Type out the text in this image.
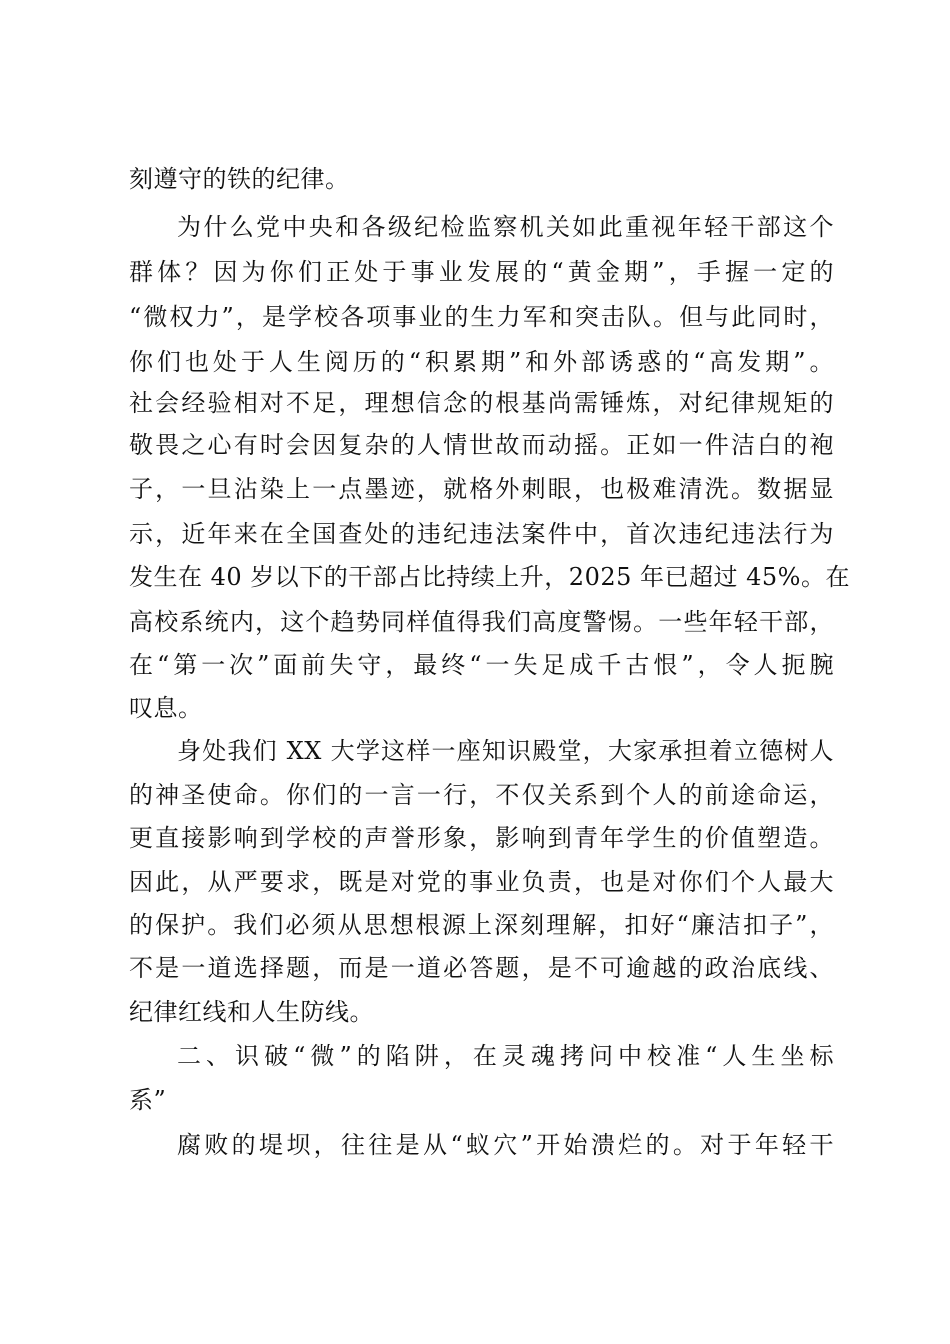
刻遵守的铁的纪律。
为什么党中央和各级纪检监察机关如此重视年轻干部这个
群体？因为你们正处于事业发展的“黄金期”，手握一定的
“微权力”，是学校各项事业的生力军和突击队。但与此同时，
你们也处于人生阅历的“积累期”和外部诱惑的“高发期”。
社会经验相对不足，理想信念的根基尚需锤炼，对纪律规矩的
敬畏之心有时会因复杂的人情世故而动摇。正如一件洁白的袍
子，一旦沾染上一点墨迹，就格外刺眼，也极难清洗。数据显
示，近年来在全国查处的违纪违法案件中，首次违纪违法行为
发生在 40 岁以下的干部占比持续上升，2025 年已超过 45%。在
高校系统内，这个趋势同样值得我们高度警惕。一些年轻干部，
在“第一次”面前失守，最终“一失足成千古恨”，令人扼腕
叹息。
身处我们 XX 大学这样一座知识殿堂，大家承担着立德树人
的神圣使命。你们的一言一行，不仅关系到个人的前途命运，
更直接影响到学校的声誉形象，影响到青年学生的价值塑造。
因此，从严要求，既是对党的事业负责，也是对你们个人最大
的保护。我们必须从思想根源上深刻理解，扣好“廉洁扣子”，
不是一道选择题，而是一道必答题，是不可逾越的政治底线、
纪律红线和人生防线。
二、识破“微”的陷阱，在灵魂拷问中校准“人生坐标
系”
腐败的堤坝，往往是从“蚁穴”开始溃烂的。对于年轻干
